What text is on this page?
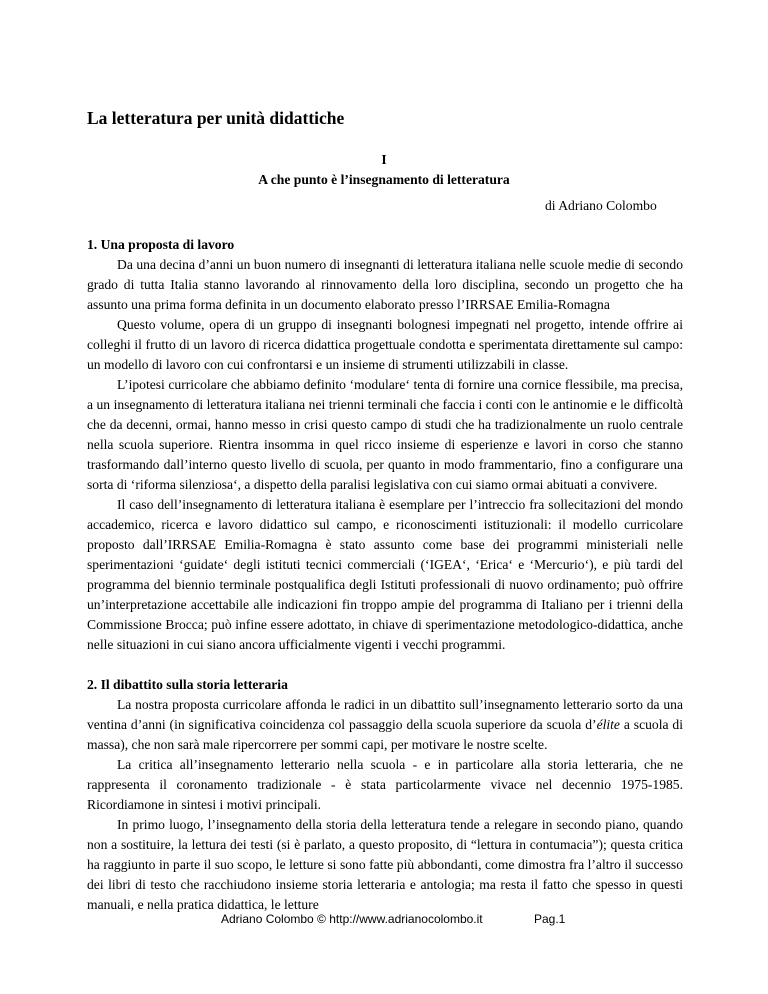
La letteratura per unità didattiche

I

A che punto è l’insegnamento di letteratura

di Adriano Colombo

1. Una proposta di lavoro

Da una decina d’anni un buon numero di insegnanti di letteratura italiana nelle scuole medie di secondo grado di tutta Italia stanno lavorando al rinnovamento della loro disciplina, secondo un progetto che ha assunto una prima forma definita in un documento elaborato presso l’IRRSAE Emilia-Romagna

Questo volume, opera di un gruppo di insegnanti bolognesi impegnati nel progetto, intende offrire ai colleghi il frutto di un lavoro di ricerca didattica progettuale condotta e sperimentata direttamente sul campo: un modello di lavoro con cui confrontarsi e un insieme di strumenti utilizzabili in classe.

L’ipotesi curricolare che abbiamo definito ‘modulare‘ tenta di fornire una cornice flessibile, ma precisa, a un insegnamento di letteratura italiana nei trienni terminali che faccia i conti con le antinomie e le difficoltà che da decenni, ormai, hanno messo in crisi questo campo di studi che ha tradizionalmente un ruolo centrale nella scuola superiore. Rientra insomma in quel ricco insieme di esperienze e lavori in corso che stanno trasformando dall’interno questo livello di scuola, per quanto in modo frammentario, fino a configurare una sorta di ‘riforma silenziosa‘, a dispetto della paralisi legislativa con cui siamo ormai abituati a convivere.

Il caso dell’insegnamento di letteratura italiana è esemplare per l’intreccio fra sollecitazioni del mondo accademico, ricerca e lavoro didattico sul campo, e riconoscimenti istituzionali: il modello curricolare proposto dall’IRRSAE Emilia-Romagna è stato assunto come base dei programmi ministeriali nelle sperimentazioni ‘guidate‘ degli istituti tecnici commerciali (‘IGEA‘, ‘Erica‘ e ‘Mercurio‘), e più tardi del programma del biennio terminale postqualifica degli Istituti professionali di nuovo ordinamento; può offrire un’interpretazione accettabile alle indicazioni fin troppo ampie del programma di Italiano per i trienni della Commissione Brocca; può infine essere adottato, in chiave di sperimentazione metodologico-didattica, anche nelle situazioni in cui siano ancora ufficialmente vigenti i vecchi programmi.

2. Il dibattito sulla storia letteraria

La nostra proposta curricolare affonda le radici in un dibattito sull’insegnamento letterario sorto da una ventina d’anni (in significativa coincidenza col passaggio della scuola superiore da scuola d’élite a scuola di massa), che non sarà male ripercorrere per sommi capi, per motivare le nostre scelte.

La critica all’insegnamento letterario nella scuola - e in particolare alla storia letteraria, che ne rappresenta il coronamento tradizionale - è stata particolarmente vivace nel decennio 1975-1985. Ricordiamone in sintesi i motivi principali.

In primo luogo, l’insegnamento della storia della letteratura tende a relegare in secondo piano, quando non a sostituire, la lettura dei testi (si è parlato, a questo proposito, di “lettura in contumacia”); questa critica ha raggiunto in parte il suo scopo, le letture si sono fatte più abbondanti, come dimostra fra l’altro il successo dei libri di testo che racchiudono insieme storia letteraria e antologia; ma resta il fatto che spesso in questi manuali, e nella pratica didattica, le letture

Adriano Colombo © http://www.adrianocolombo.it	Pag.1
